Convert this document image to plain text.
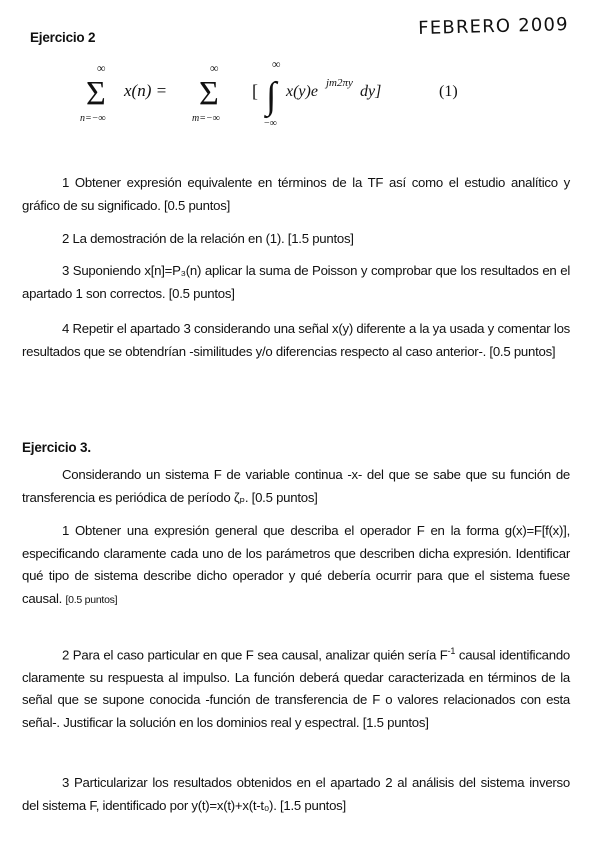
Ejercicio 2	FEBRERO 2009
∞
Σ
n=−∞
x(n) =
∞
Σ
m=−∞
[
∞
∫
−∞
x(y)e jm2πy dy]	(1)
1 Obtener expresión equivalente en términos de la TF así como el estudio analítico y gráfico de su significado. [0.5 puntos]
2 La demostración de la relación en (1). [1.5 puntos]
3 Suponiendo x[n]=P₃(n) aplicar la suma de Poisson y comprobar que los resultados en el apartado 1 son correctos. [0.5 puntos]
4 Repetir el apartado 3 considerando una señal x(y) diferente a la ya usada y comentar los resultados que se obtendrían -similitudes y/o diferencias respecto al caso anterior-. [0.5 puntos]
Ejercicio 3.
Considerando un sistema F de variable continua -x- del que se sabe que su función de transferencia es periódica de período ζₚ. [0.5 puntos]
1 Obtener una expresión general que describa el operador F en la forma g(x)=F[f(x)], especificando claramente cada uno de los parámetros que describen dicha expresión. Identificar qué tipo de sistema describe dicho operador y qué debería ocurrir para que el sistema fuese causal. [0.5 puntos]
2 Para el caso particular en que F sea causal, analizar quién sería $F^{-1}$ causal identificando claramente su respuesta al impulso. La función deberá quedar caracterizada en términos de la señal que se supone conocida -función de transferencia de F o valores relacionados con esta señal-. Justificar la solución en los dominios real y espectral. [1.5 puntos]
3 Particularizar los resultados obtenidos en el apartado 2 al análisis del sistema inverso del sistema F, identificado por y(t)=x(t)+x(t-t₀). [1.5 puntos]
